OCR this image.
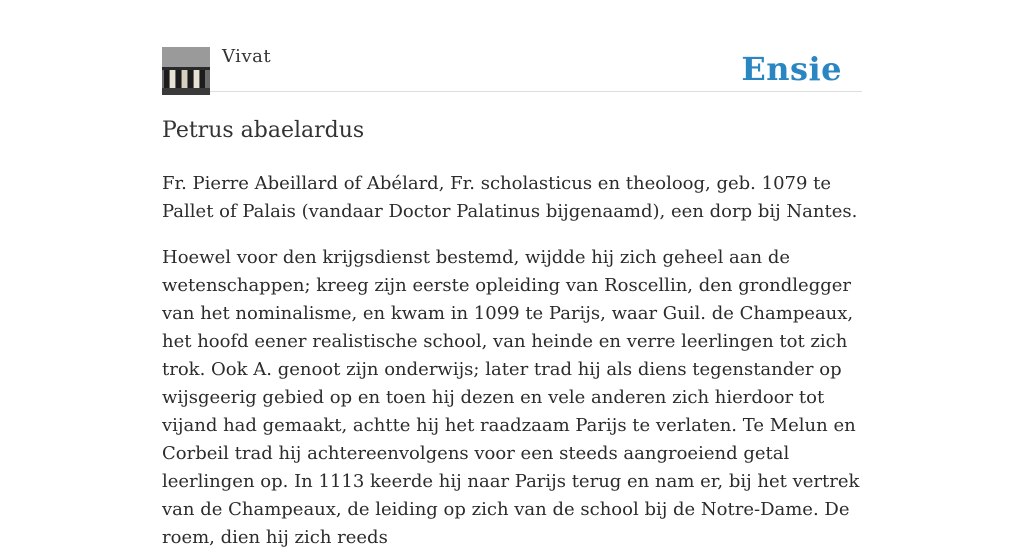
Vivat	Ensie
Petrus abaelardus

Fr. Pierre Abeillard of Abélard, Fr. scholasticus en theoloog, geb. 1079 te Pallet of Palais (vandaar Doctor Palatinus bijgenaamd), een dorp bij Nantes.

Hoewel voor den krijgsdienst bestemd, wijdde hij zich geheel aan de wetenschappen; kreeg zijn eerste opleiding van Roscellin, den grondlegger van het nominalisme, en kwam in 1099 te Parijs, waar Guil. de Champeaux, het hoofd eener realistische school, van heinde en verre leerlingen tot zich trok. Ook A. genoot zijn onderwijs; later trad hij als diens tegenstander op wijsgeerig gebied op en toen hij dezen en vele anderen zich hierdoor tot vijand had gemaakt, achtte hij het raadzaam Parijs te verlaten. Te Melun en Corbeil trad hij achtereenvolgens voor een steeds aangroeiend getal leerlingen op. In 1113 keerde hij naar Parijs terug en nam er, bij het vertrek van de Champeaux, de leiding op zich van de school bij de Notre-Dame. De roem, dien hij zich reeds
